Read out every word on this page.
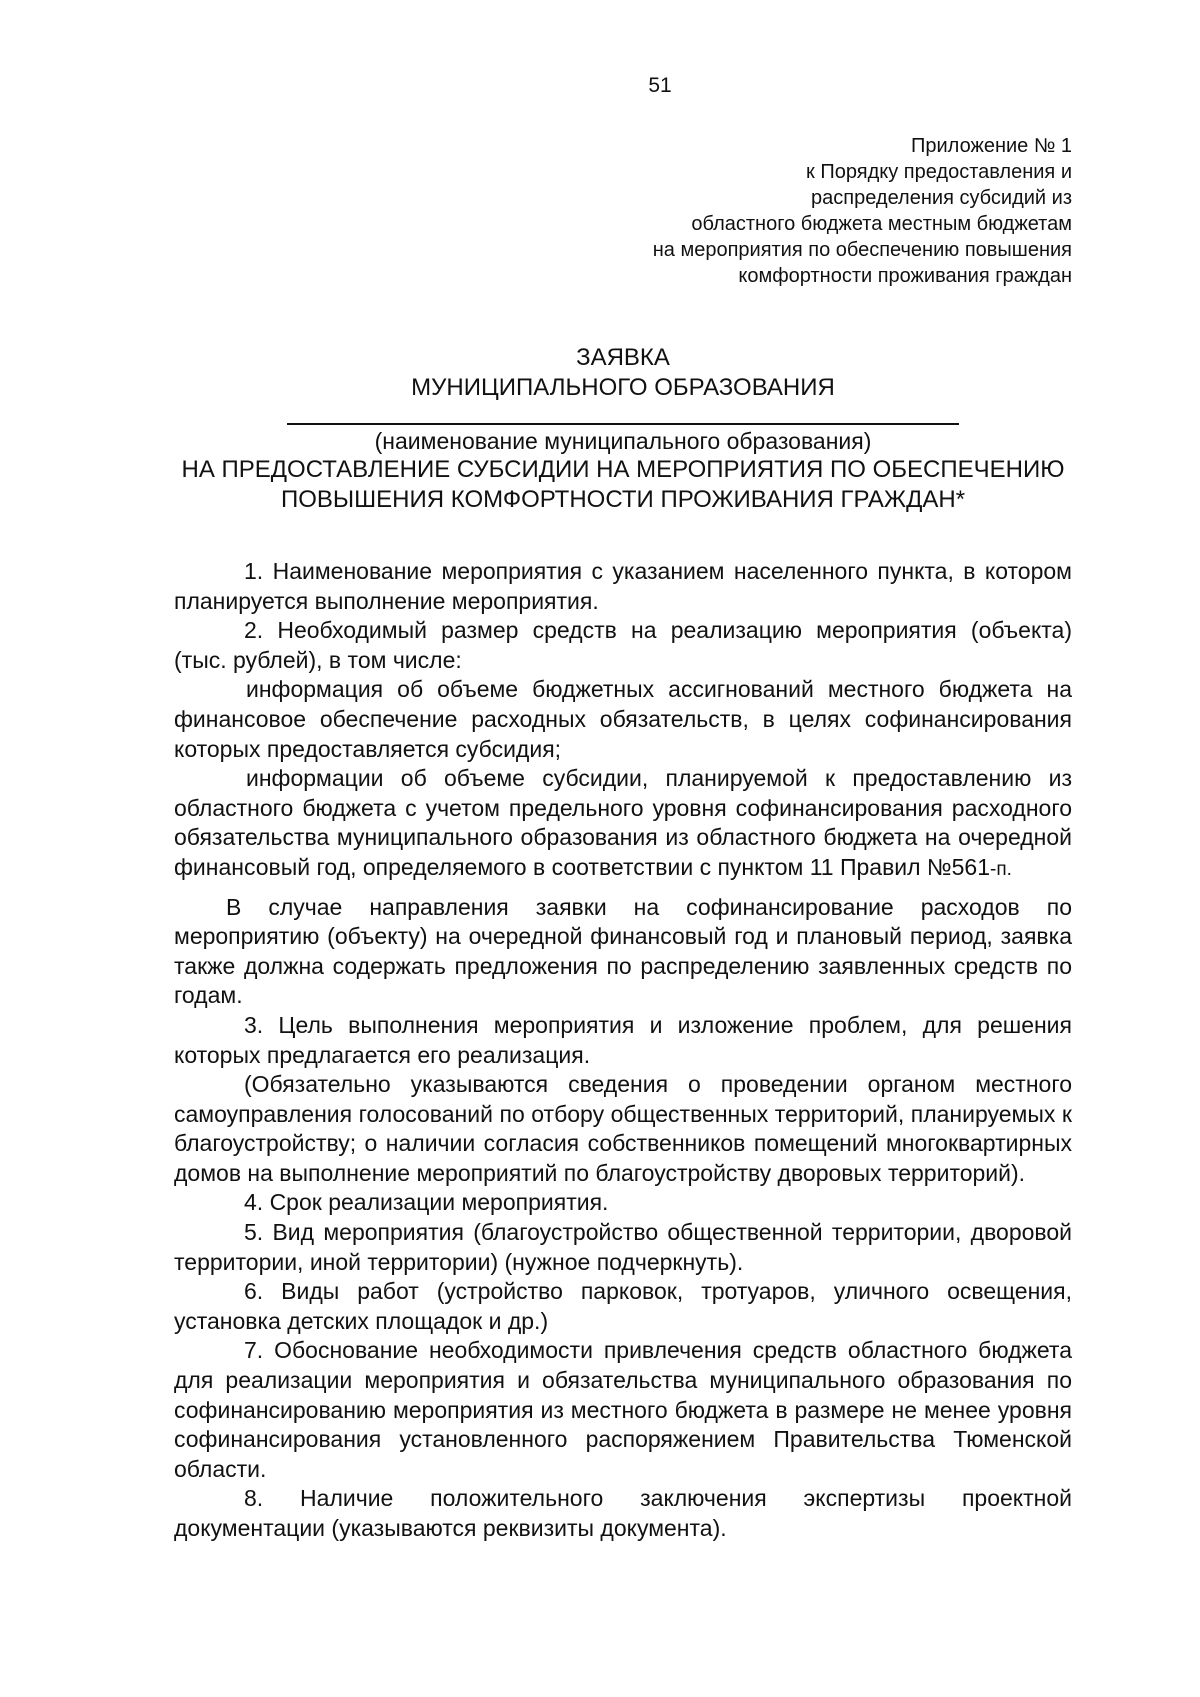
51
Приложение № 1
к Порядку предоставления и
распределения субсидий из
областного бюджета местным бюджетам
на мероприятия по обеспечению повышения
комфортности проживания граждан
ЗАЯВКА
МУНИЦИПАЛЬНОГО ОБРАЗОВАНИЯ
(наименование муниципального образования)
НА ПРЕДОСТАВЛЕНИЕ СУБСИДИИ НА МЕРОПРИЯТИЯ ПО ОБЕСПЕЧЕНИЮ
ПОВЫШЕНИЯ КОМФОРТНОСТИ ПРОЖИВАНИЯ ГРАЖДАН*
1. Наименование мероприятия с указанием населенного пункта, в котором планируется выполнение мероприятия.
2. Необходимый размер средств на реализацию мероприятия (объекта) (тыс. рублей), в том числе:
информация об объеме бюджетных ассигнований местного бюджета на финансовое обеспечение расходных обязательств, в целях софинансирования которых предоставляется субсидия;
информации об объеме субсидии, планируемой к предоставлению из областного бюджета с учетом предельного уровня софинансирования расходного обязательства муниципального образования из областного бюджета на очередной финансовый год, определяемого в соответствии с пунктом 11 Правил №561-п.
В случае направления заявки на софинансирование расходов по мероприятию (объекту) на очередной финансовый год и плановый период, заявка также должна содержать предложения по распределению заявленных средств по годам.
3. Цель выполнения мероприятия и изложение проблем, для решения которых предлагается его реализация.
(Обязательно указываются сведения о проведении органом местного самоуправления голосований по отбору общественных территорий, планируемых к благоустройству; о наличии согласия собственников помещений многоквартирных домов на выполнение мероприятий по благоустройству дворовых территорий).
4. Срок реализации мероприятия.
5. Вид мероприятия (благоустройство общественной территории, дворовой территории, иной территории) (нужное подчеркнуть).
6. Виды работ (устройство парковок, тротуаров, уличного освещения, установка детских площадок и др.)
7. Обоснование необходимости привлечения средств областного бюджета для реализации мероприятия и обязательства муниципального образования по софинансированию мероприятия из местного бюджета в размере не менее уровня софинансирования установленного распоряжением Правительства Тюменской области.
8. Наличие положительного заключения экспертизы проектной документации (указываются реквизиты документа).
